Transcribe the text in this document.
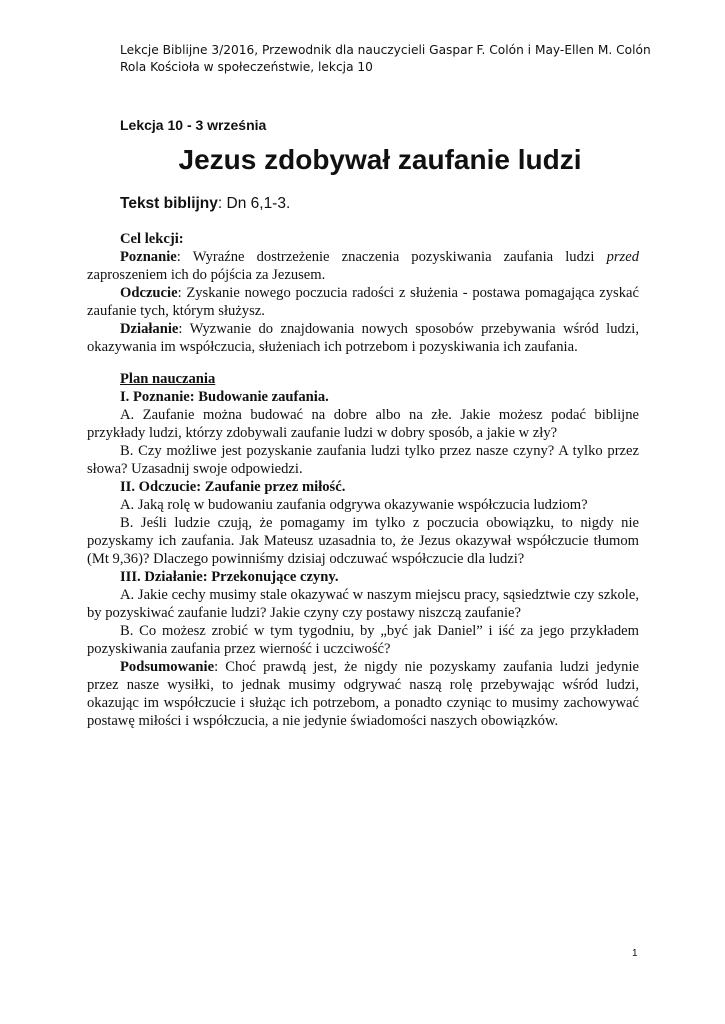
Lekcje Biblijne 3/2016, Przewodnik dla nauczycieli Gaspar F. Colón i May-Ellen M. Colón
Rola Kościoła w społeczeństwie, lekcja 10
Lekcja 10 - 3 września
Jezus zdobywał zaufanie ludzi
Tekst biblijny: Dn 6,1-3.

Cel lekcji:

Poznanie: Wyraźne dostrzeżenie znaczenia pozyskiwania zaufania ludzi przed zaproszeniem ich do pójścia za Jezusem.

Odczucie: Zyskanie nowego poczucia radości z służenia - postawa pomagająca zyskać zaufanie tych, którym służysz.

Działanie: Wyzwanie do znajdowania nowych sposobów przebywania wśród ludzi, okazywania im współczucia, służeniach ich potrzebom i pozyskiwania ich zaufania.

Plan nauczania

I. Poznanie: Budowanie zaufania.

A. Zaufanie można budować na dobre albo na złe. Jakie możesz podać biblijne przykłady ludzi, którzy zdobywali zaufanie ludzi w dobry sposób, a jakie w zły?

B. Czy możliwe jest pozyskanie zaufania ludzi tylko przez nasze czyny? A tylko przez słowa? Uzasadnij swoje odpowiedzi.

II. Odczucie: Zaufanie przez miłość.

A. Jaką rolę w budowaniu zaufania odgrywa okazywanie współczucia ludziom?

B. Jeśli ludzie czują, że pomagamy im tylko z poczucia obowiązku, to nigdy nie pozyskamy ich zaufania. Jak Mateusz uzasadnia to, że Jezus okazywał współczucie tłumom (Mt 9,36)? Dlaczego powinniśmy dzisiaj odczuwać współczucie dla ludzi?

III. Działanie: Przekonujące czyny.

A. Jakie cechy musimy stale okazywać w naszym miejscu pracy, sąsiedztwie czy szkole, by pozyskiwać zaufanie ludzi? Jakie czyny czy postawy niszczą zaufanie?

B. Co możesz zrobić w tym tygodniu, by „być jak Daniel” i iść za jego przykładem pozyskiwania zaufania przez wierność i uczciwość?

Podsumowanie: Choć prawdą jest, że nigdy nie pozyskamy zaufania ludzi jedynie przez nasze wysiłki, to jednak musimy odgrywać naszą rolę przebywając wśród ludzi, okazując im współczucie i służąc ich potrzebom, a ponadto czyniąc to musimy zachowywać postawę miłości i współczucia, a nie jedynie świadomości naszych obowiązków.

1
